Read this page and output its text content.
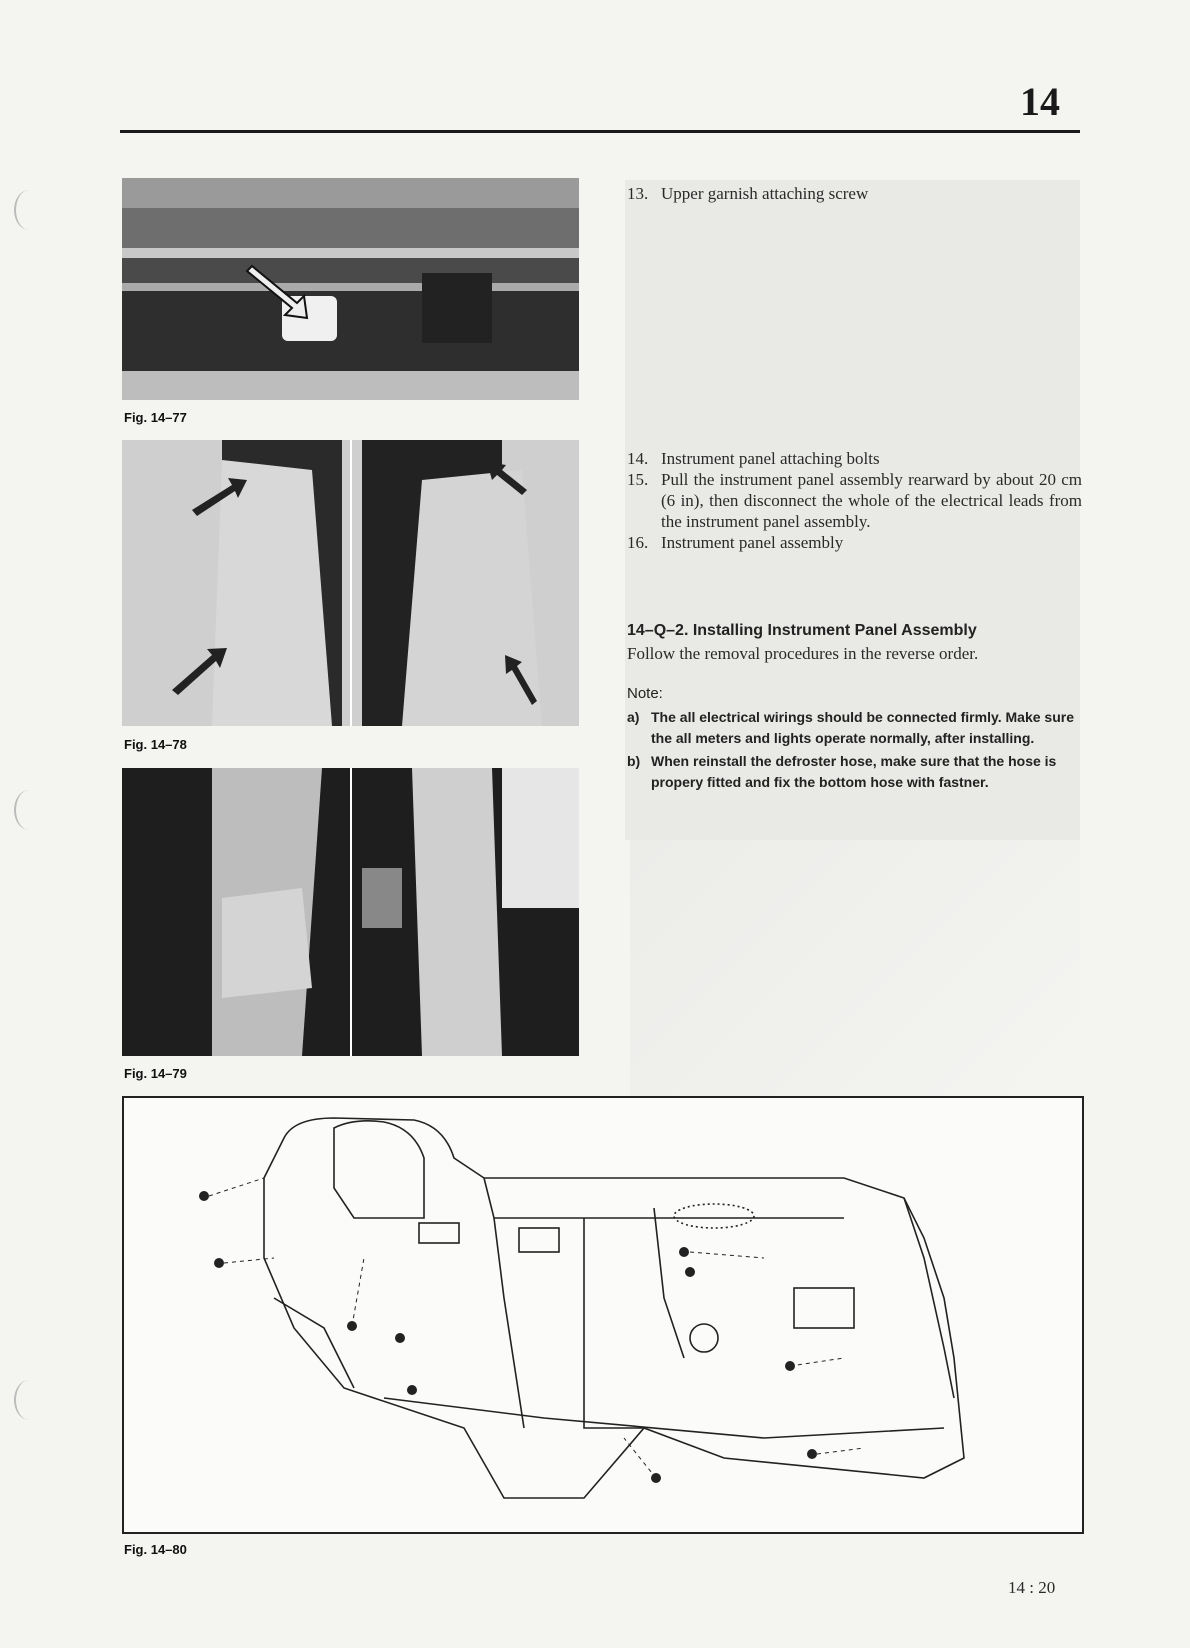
14
Fig. 14–77
Fig. 14–78
Fig. 14–79
13. Upper garnish attaching screw
14. Instrument panel attaching bolts
15. Pull the instrument panel assembly rearward by about 20 cm (6 in), then disconnect the whole of the electrical leads from the instrument panel assembly.
16. Instrument panel assembly
14–Q–2. Installing Instrument Panel Assembly
Follow the removal procedures in the reverse order.
Note:
a) The all electrical wirings should be connected firmly. Make sure the all meters and lights operate normally, after installing.
b) When reinstall the defroster hose, make sure that the hose is propery fitted and fix the bottom hose with fastner.
Fig. 14–80
14 : 20
